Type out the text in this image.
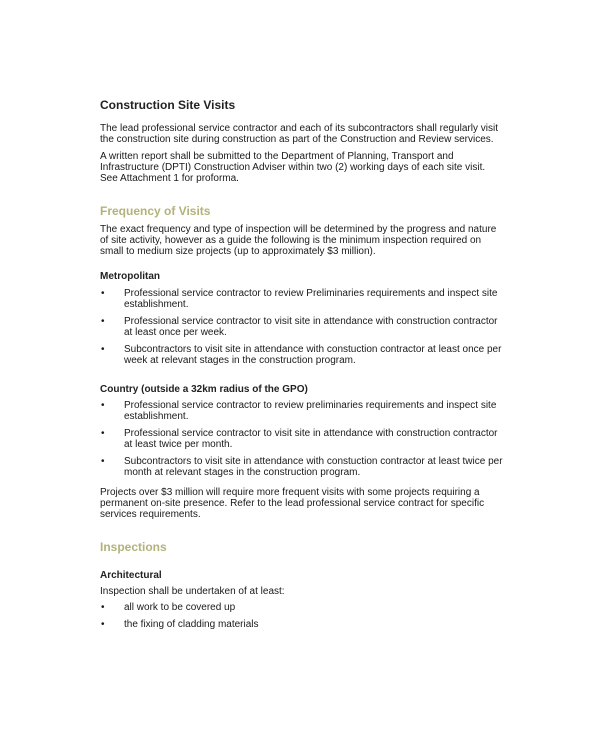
Construction Site Visits

The lead professional service contractor and each of its subcontractors shall regularly visit the construction site during construction as part of the Construction and Review services.

A written report shall be submitted to the Department of Planning, Transport and Infrastructure (DPTI) Construction Adviser within two (2) working days of each site visit. See Attachment 1 for proforma.

Frequency of Visits

The exact frequency and type of inspection will be determined by the progress and nature of site activity, however as a guide the following is the minimum inspection required on small to medium size projects (up to approximately $3 million).

Metropolitan
• Professional service contractor to review Preliminaries requirements and inspect site establishment.
• Professional service contractor to visit site in attendance with construction contractor at least once per week.
• Subcontractors to visit site in attendance with constuction contractor at least once per week at relevant stages in the construction program.
Country (outside a 32km radius of the GPO)
• Professional service contractor to review preliminaries requirements and inspect site establishment.
• Professional service contractor to visit site in attendance with construction contractor at least twice per month.
• Subcontractors to visit site in attendance with constuction contractor at least twice per month at relevant stages in the construction program.

Projects over $3 million will require more frequent visits with some projects requiring a permanent on-site presence. Refer to the lead professional service contract for specific services requirements.

Inspections
Architectural

Inspection shall be undertaken of at least:

• all work to be covered up
• the fixing of cladding materials
